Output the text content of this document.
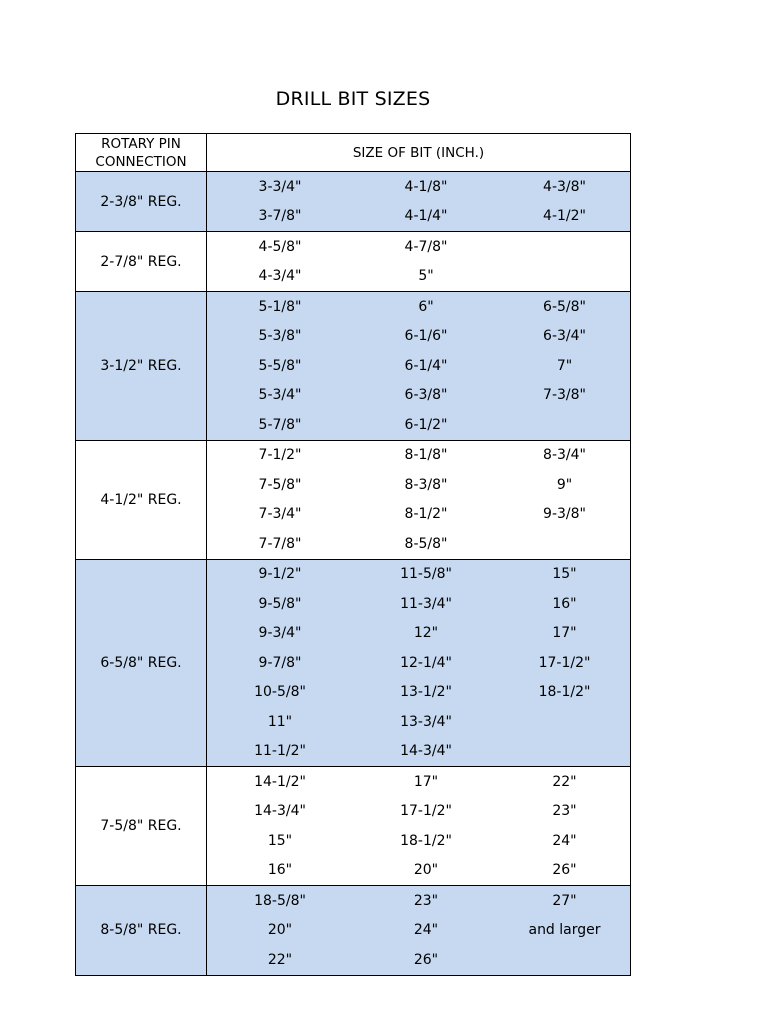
DRILL BIT SIZES
ROTARY PIN
CONNECTION
SIZE OF BIT (INCH.)
2-3/8" REG.
3-3/4"	4-1/8"	4-3/8"
3-7/8"	4-1/4"	4-1/2"
2-7/8" REG.
4-5/8"	4-7/8"
4-3/4"	5"
3-1/2" REG.
5-1/8"	6"	6-5/8"
5-3/8"	6-1/6"	6-3/4"
5-5/8"	6-1/4"	7"
5-3/4"	6-3/8"	7-3/8"
5-7/8"	6-1/2"
4-1/2" REG.
7-1/2"	8-1/8"	8-3/4"
7-5/8"	8-3/8"	9"
7-3/4"	8-1/2"	9-3/8"
7-7/8"	8-5/8"
6-5/8" REG.
9-1/2"	11-5/8"	15"
9-5/8"	11-3/4"	16"
9-3/4"	12"	17"
9-7/8"	12-1/4"	17-1/2"
10-5/8"	13-1/2"	18-1/2"
11"	13-3/4"
11-1/2"	14-3/4"
7-5/8" REG.
14-1/2"	17"	22"
14-3/4"	17-1/2"	23"
15"	18-1/2"	24"
16"	20"	26"
8-5/8" REG.
18-5/8"	23"	27"
20"	24"	and larger
22"	26"
